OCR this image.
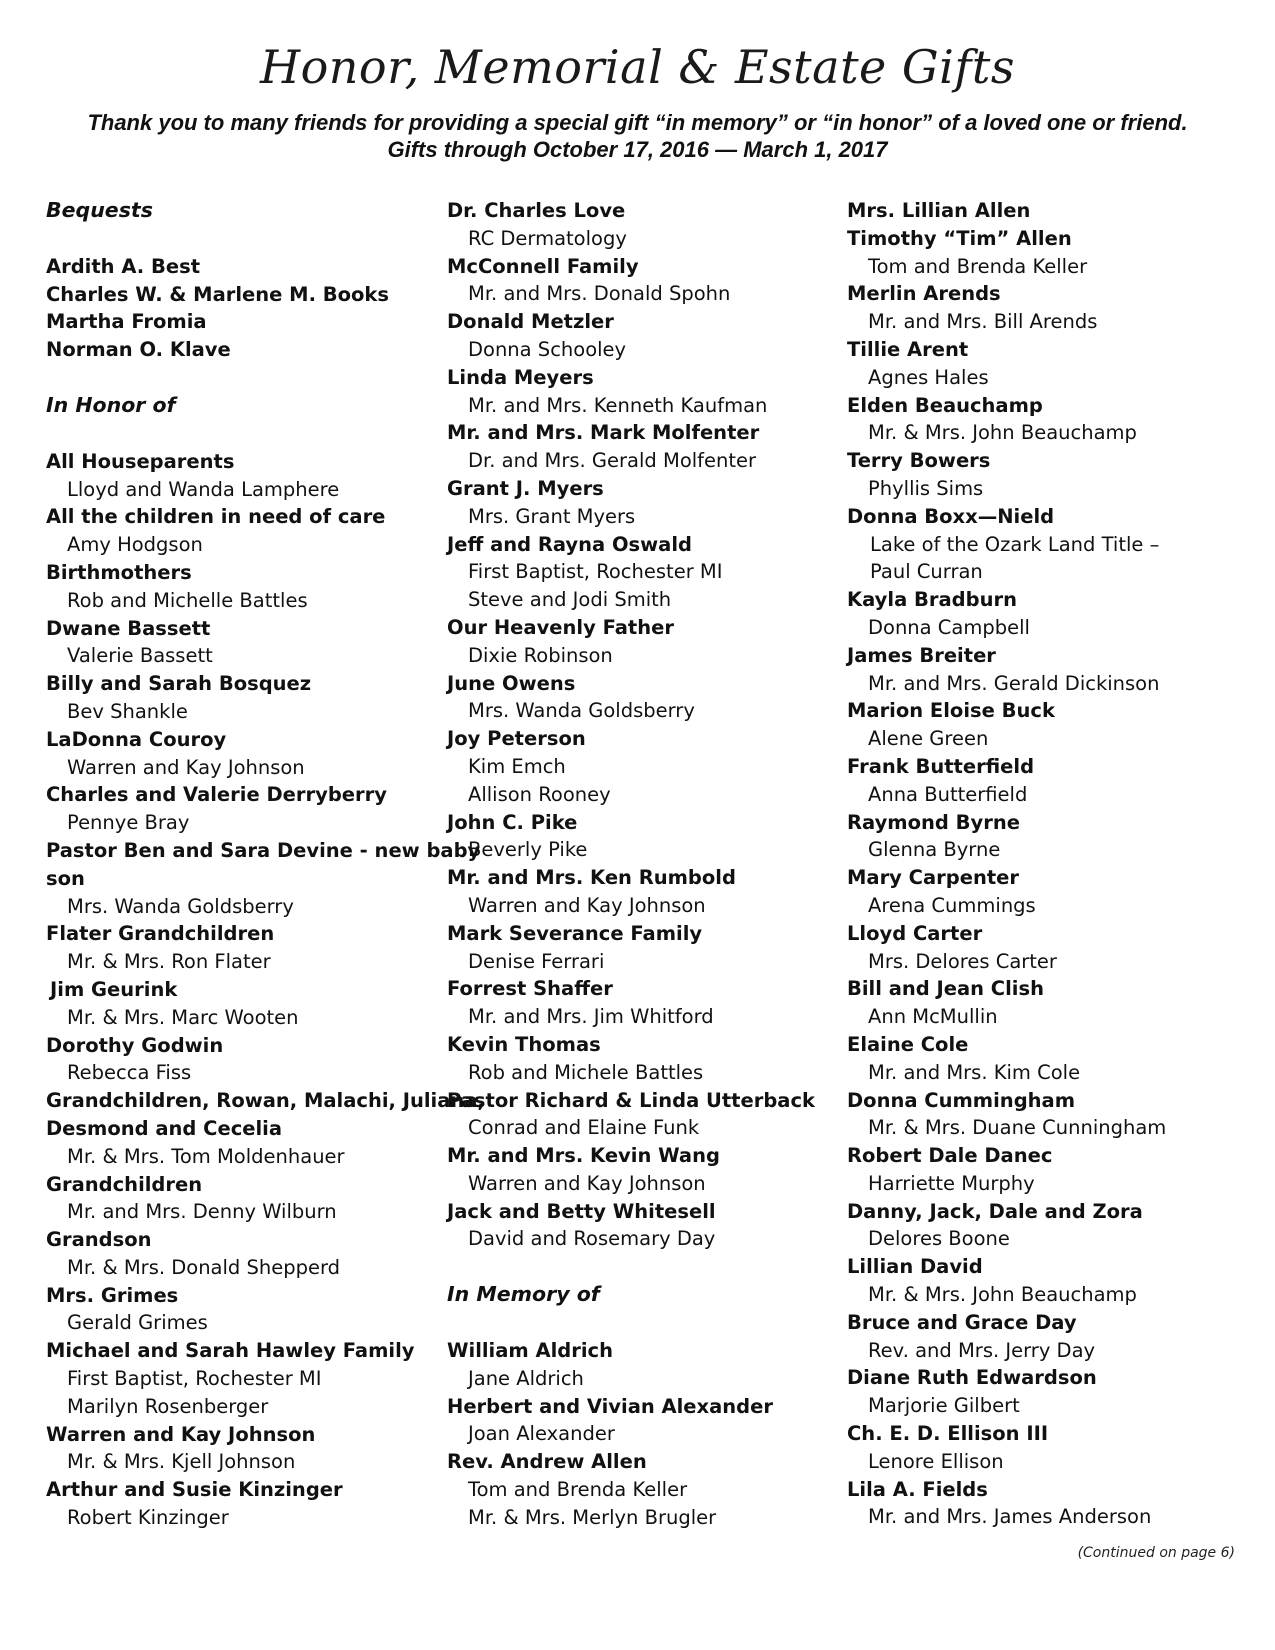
Honor, Memorial & Estate Gifts
Thank you to many friends for providing a special gift “in memory” or “in honor” of a loved one or friend.
Gifts through October 17, 2016 — March 1, 2017
Bequests
Ardith A. Best
Charles W. & Marlene M. Books
Martha Fromia
Norman O. Klave
In Honor of
All Houseparents
Lloyd and Wanda Lamphere
All the children in need of care
Amy Hodgson
Birthmothers
Rob and Michelle Battles
Dwane Bassett
Valerie Bassett
Billy and Sarah Bosquez
Bev Shankle
LaDonna Couroy
Warren and Kay Johnson
Charles and Valerie Derryberry
Pennye Bray
Pastor Ben and Sara Devine - new baby
son
Mrs. Wanda Goldsberry
Flater Grandchildren
Mr. & Mrs. Ron Flater
Jim Geurink
Mr. & Mrs. Marc Wooten
Dorothy Godwin
Rebecca Fiss
Grandchildren, Rowan, Malachi, Juliana,
Desmond and Cecelia
Mr. & Mrs. Tom Moldenhauer
Grandchildren
Mr. and Mrs. Denny Wilburn
Grandson
Mr. & Mrs. Donald Shepperd
Mrs. Grimes
Gerald Grimes
Michael and Sarah Hawley Family
First Baptist, Rochester MI
Marilyn Rosenberger
Warren and Kay Johnson
Mr. & Mrs. Kjell Johnson
Arthur and Susie Kinzinger
Robert Kinzinger
Dr. Charles Love
RC Dermatology
McConnell Family
Mr. and Mrs. Donald Spohn
Donald Metzler
Donna Schooley
Linda Meyers
Mr. and Mrs. Kenneth Kaufman
Mr. and Mrs. Mark Molfenter
Dr. and Mrs. Gerald Molfenter
Grant J. Myers
Mrs. Grant Myers
Jeff and Rayna Oswald
First Baptist, Rochester MI
Steve and Jodi Smith
Our Heavenly Father
Dixie Robinson
June Owens
Mrs. Wanda Goldsberry
Joy Peterson
Kim Emch
Allison Rooney
John C. Pike
Beverly Pike
Mr. and Mrs. Ken Rumbold
Warren and Kay Johnson
Mark Severance Family
Denise Ferrari
Forrest Shaffer
Mr. and Mrs. Jim Whitford
Kevin Thomas
Rob and Michele Battles
Pastor Richard & Linda Utterback
Conrad and Elaine Funk
Mr. and Mrs. Kevin Wang
Warren and Kay Johnson
Jack and Betty Whitesell
David and Rosemary Day
In Memory of
William Aldrich
Jane Aldrich
Herbert and Vivian Alexander
Joan Alexander
Rev. Andrew Allen
Tom and Brenda Keller
Mr. & Mrs. Merlyn Brugler
Mrs. Lillian Allen
Timothy “Tim” Allen
Tom and Brenda Keller
Merlin Arends
Mr. and Mrs. Bill Arends
Tillie Arent
Agnes Hales
Elden Beauchamp
Mr. & Mrs. John Beauchamp
Terry Bowers
Phyllis Sims
Donna Boxx—Nield
Lake of the Ozark Land Title –
Paul Curran
Kayla Bradburn
Donna Campbell
James Breiter
Mr. and Mrs. Gerald Dickinson
Marion Eloise Buck
Alene Green
Frank Butterfield
Anna Butterfield
Raymond Byrne
Glenna Byrne
Mary Carpenter
Arena Cummings
Lloyd Carter
Mrs. Delores Carter
Bill and Jean Clish
Ann McMullin
Elaine Cole
Mr. and Mrs. Kim Cole
Donna Cummingham
Mr. & Mrs. Duane Cunningham
Robert Dale Danec
Harriette Murphy
Danny, Jack, Dale and Zora
Delores Boone
Lillian David
Mr. & Mrs. John Beauchamp
Bruce and Grace Day
Rev. and Mrs. Jerry Day
Diane Ruth Edwardson
Marjorie Gilbert
Ch. E. D. Ellison III
Lenore Ellison
Lila A. Fields
Mr. and Mrs. James Anderson
(Continued on page 6)
